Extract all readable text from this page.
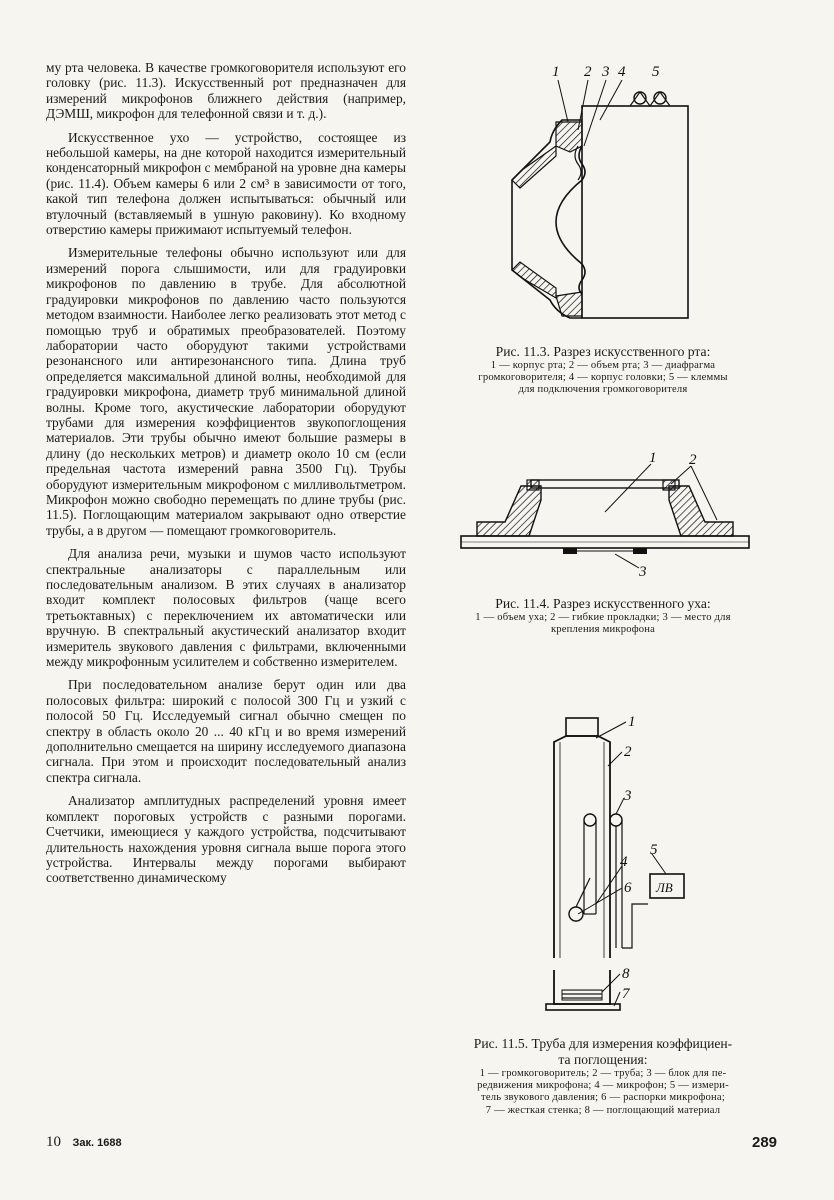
му рта человека. В качестве громкоговорителя используют его головку (рис. 11.3). Искусственный рот предназначен для измерений микрофонов ближнего действия (например, ДЭМШ, микрофон для телефонной связи и т. д.).

Искусственное ухо — устройство, состоящее из небольшой камеры, на дне которой находится измерительный конденсаторный микрофон с мембраной на уровне дна камеры (рис. 11.4). Объем камеры 6 или 2 см³ в зависимости от того, какой тип телефона должен испытываться: обычный или втулочный (вставляемый в ушную раковину). Ко входному отверстию камеры прижимают испытуемый телефон.

Измерительные телефоны обычно используют или для измерений порога слышимости, или для градуировки микрофонов по давлению в трубе. Для абсолютной градуировки микрофонов по давлению часто пользуются методом взаимности. Наиболее легко реализовать этот метод с помощью труб и обратимых преобразователей. Поэтому лаборатории часто оборудуют такими устройствами резонансного или антирезонансного типа. Длина труб определяется максимальной длиной волны, необходимой для градуировки микрофона, диаметр труб минимальной длиной волны. Кроме того, акустические лаборатории оборудуют трубами для измерения коэффициентов звукопоглощения материалов. Эти трубы обычно имеют большие размеры в длину (до нескольких метров) и диаметр около 10 см (если предельная частота измерений равна 3500 Гц). Трубы оборудуют измерительным микрофоном с милливольтметром. Микрофон можно свободно перемещать по длине трубы (рис. 11.5). Поглощающим материалом закрывают одно отверстие трубы, а в другом — помещают громкоговоритель.

Для анализа речи, музыки и шумов часто используют спектральные анализаторы с параллельным или последовательным анализом. В этих случаях в анализатор входит комплект полосовых фильтров (чаще всего третьоктавных) с переключением их автоматически или вручную. В спектральный акустический анализатор входит измеритель звукового давления с фильтрами, включенными между микрофонным усилителем и собственно измерителем.

При последовательном анализе берут один или два полосовых фильтра: широкий с полосой 300 Гц и узкий с полосой 50 Гц. Исследуемый сигнал обычно смещен по спектру в область около 20 ... 40 кГц и во время измерений дополнительно смещается на ширину исследуемого диапазона сигнала. При этом и происходит последовательный анализ спектра сигнала.

Анализатор амплитудных распределений уровня имеет комплект пороговых устройств с разными порогами. Счетчики, имеющиеся у каждого устройства, подсчитывают длительность нахождения уровня сигнала выше порога этого устройства. Интервалы между порогами выбирают соответственно динамическому

1 2 3 4 5
Рис. 11.3. Разрез искусственного рта:
1 — корпус рта; 2 — объем рта; 3 — диафрагма
громкоговорителя; 4 — корпус головки; 5 — клеммы
для подключения громкоговорителя
1 2
3
Рис. 11.4. Разрез искусственного уха:
1 — объем уха; 2 — гибкие прокладки; 3 — место для
крепления микрофона
ЛВ
1
2
3
4
5
6
8
7
Рис. 11.5. Труба для измерения коэффициен-
та поглощения:
1 — громкоговоритель; 2 — труба; 3 — блок для пе-
редвижения микрофона; 4 — микрофон; 5 — измери-
тель звукового давления; 6 — распорки микрофона;
7 — жесткая стенка; 8 — поглощающий материал
10 Зак. 1688	289
